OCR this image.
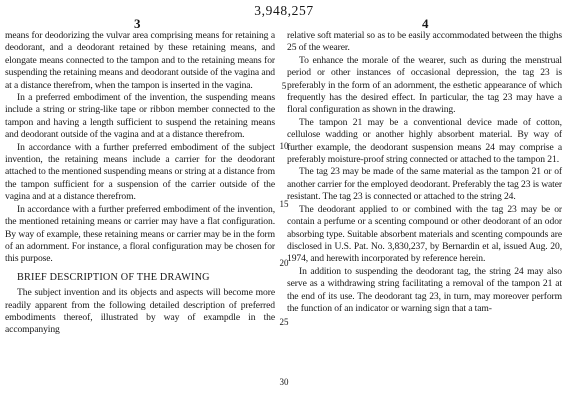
3,948,257
3	4
5
10
15
20
25
30

means for deodorizing the vulvar area comprising means for retaining a deodorant, and a deodorant retained by these retaining means, and elongate means connected to the tampon and to the retaining means for suspending the retaining means and deodorant outside of the vagina and at a distance therefrom, when the tampon is inserted in the vagina.

In a preferred embodiment of the invention, the suspending means include a string or string-like tape or ribbon member connected to the tampon and having a length sufficient to suspend the retaining means and deodorant outside of the vagina and at a distance therefrom.

In accordance with a further preferred embodiment of the subject invention, the retaining means include a carrier for the deodorant attached to the mentioned suspending means or string at a distance from the tampon sufficient for a suspension of the carrier outside of the vagina and at a distance therefrom.

In accordance with a further preferred embodiment of the invention, the mentioned retaining means or carrier may have a flat configuration. By way of example, these retaining means or carrier may be in the form of an adornment. For instance, a floral configuration may be chosen for this purpose.

BRIEF DESCRIPTION OF THE DRAWING

The subject invention and its objects and aspects will become more readily apparent from the following detailed description of preferred embodiments thereof, illustrated by way of exampdle in the accompanying

relative soft material so as to be easily accommodated between the thighs 25 of the wearer.

To enhance the morale of the wearer, such as during the menstrual period or other instances of occasional depression, the tag 23 is preferably in the form of an adornment, the esthetic appearance of which frequently has the desired effect. In particular, the tag 23 may have a floral configuration as shown in the drawing.

The tampon 21 may be a conventional device made of cotton, cellulose wadding or another highly absorbent material. By way of further example, the deodorant suspension means 24 may comprise a preferably moisture-proof string connected or attached to the tampon 21.

The tag 23 may be made of the same material as the tampon 21 or of another carrier for the employed deodorant. Preferably the tag 23 is water resistant. The tag 23 is connected or attached to the string 24.

The deodorant applied to or combined with the tag 23 may be or contain a perfume or a scenting compound or other deodorant of an odor absorbing type. Suitable absorbent materials and scenting compounds are disclosed in U.S. Pat. No. 3,830,237, by Bernardin et al, issued Aug. 20, 1974, and herewith incorporated by reference herein.

In addition to suspending the deodorant tag, the string 24 may also serve as a withdrawing string facilitating a removal of the tampon 21 at the end of its use. The deodorant tag 23, in turn, may moreover perform the function of an indicator or warning sign that a tam-
